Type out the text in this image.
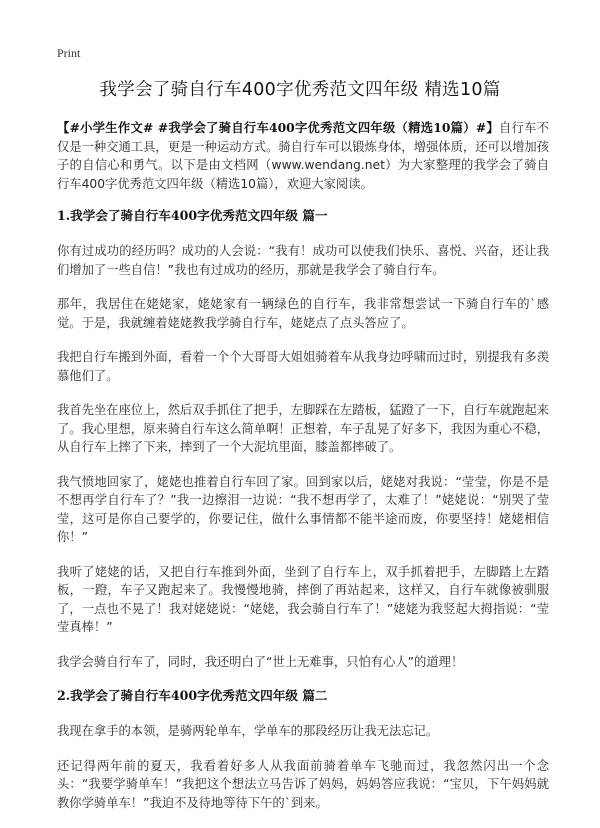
Print
我学会了骑自行车400字优秀范文四年级 精选10篇

【#小学生作文# #我学会了骑自行车400字优秀范文四年级（精选10篇）#】自行车不仅是一种交通工具，更是一种运动方式。骑自行车可以锻炼身体，增强体质，还可以增加孩子的自信心和勇气。以下是由文档网（www.wendang.net）为大家整理的我学会了骑自行车400字优秀范文四年级（精选10篇），欢迎大家阅读。

1.我学会了骑自行车400字优秀范文四年级 篇一

你有过成功的经历吗？成功的人会说：“我有！成功可以使我们快乐、喜悦、兴奋，还让我们增加了一些自信！”我也有过成功的经历，那就是我学会了骑自行车。

那年，我居住在姥姥家，姥姥家有一辆绿色的自行车，我非常想尝试一下骑自行车的`感觉。于是，我就缠着姥姥教我学骑自行车，姥姥点了点头答应了。

我把自行车搬到外面，看着一个个大哥哥大姐姐骑着车从我身边呼啸而过时，别提我有多羡慕他们了。

我首先坐在座位上，然后双手抓住了把手，左脚踩在左踏板，猛蹬了一下，自行车就跑起来了。我心里想，原来骑自行车这么简单啊！正想着，车子乱晃了好多下，我因为重心不稳，从自行车上摔了下来，摔到了一个大泥坑里面，膝盖都摔破了。

我气愤地回家了，姥姥也推着自行车回了家。回到家以后，姥姥对我说：“莹莹，你是不是不想再学自行车了？”我一边擦泪一边说：“我不想再学了，太难了！”姥姥说：“别哭了莹莹，这可是你自己要学的，你要记住，做什么事情都不能半途而废，你要坚持！姥姥相信你！”

我听了姥姥的话，又把自行车推到外面，坐到了自行车上，双手抓着把手，左脚踏上左踏板，一蹬，车子又跑起来了。我慢慢地骑，摔倒了再站起来，这样又，自行车就像被驯服了，一点也不晃了！我对姥姥说：“姥姥，我会骑自行车了！”姥姥为我竖起大拇指说：“莹莹真棒！”

我学会骑自行车了，同时，我还明白了“世上无难事，只怕有心人”的道理！

2.我学会了骑自行车400字优秀范文四年级 篇二

我现在拿手的本领，是骑两轮单车，学单车的那段经历让我无法忘记。

还记得两年前的夏天，我看着好多人从我面前骑着单车飞驰而过，我忽然闪出一个念头：“我要学骑单车！”我把这个想法立马告诉了妈妈，妈妈答应我说：“宝贝，下午妈妈就教你学骑单车！”我迫不及待地等待下午的`到来。
